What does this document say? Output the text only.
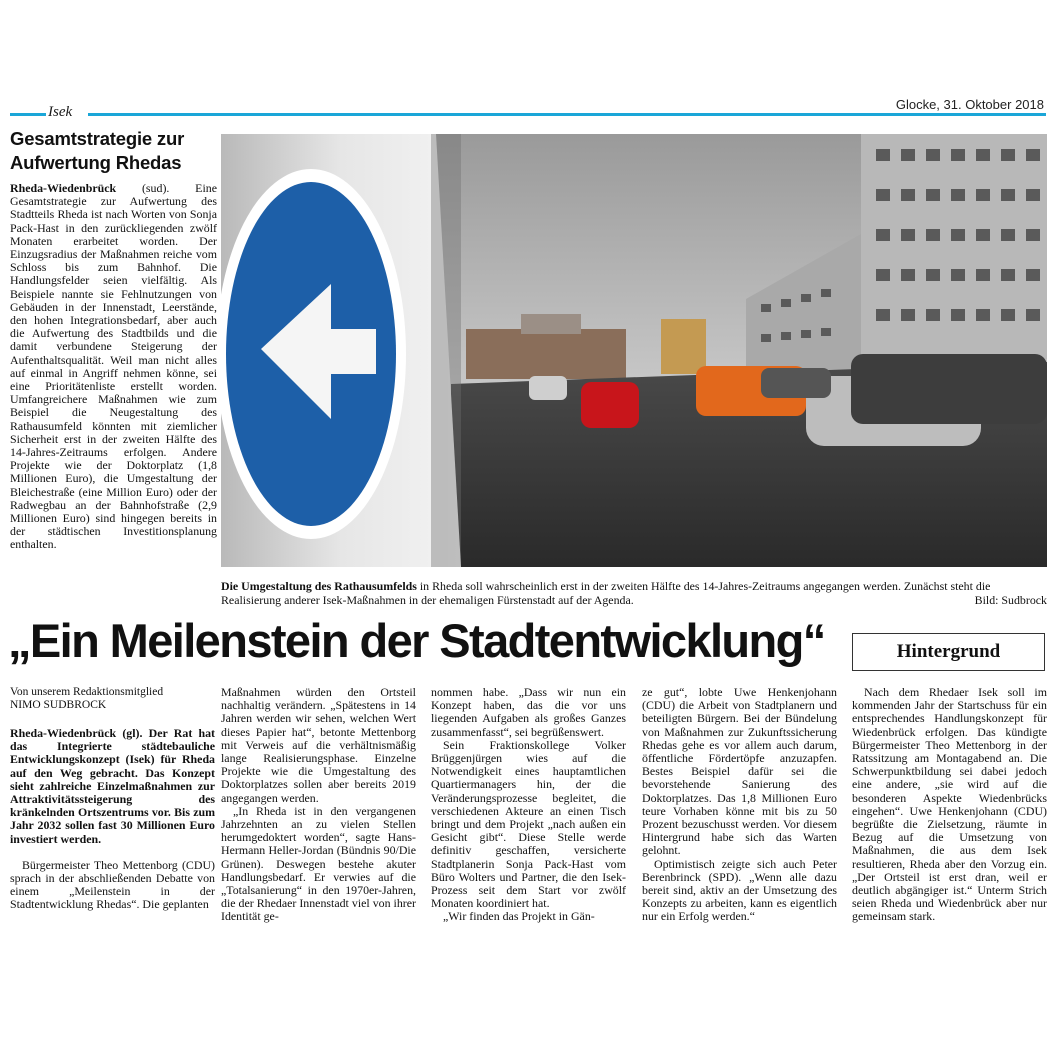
Isek	Glocke, 31. Oktober 2018
Gesamtstrategie zur Aufwertung Rhedas

Rheda-Wiedenbrück (sud). Eine Gesamtstrategie zur Aufwertung des Stadtteils Rheda ist nach Worten von Sonja Pack-Hast in den zurückliegenden zwölf Monaten erarbeitet worden. Der Einzugsradius der Maßnahmen reiche vom Schloss bis zum Bahnhof. Die Handlungsfelder seien vielfältig. Als Beispiele nannte sie Fehlnutzungen von Gebäuden in der Innenstadt, Leerstände, den hohen Integrationsbedarf, aber auch die Aufwertung des Stadtbilds und die damit verbundene Steigerung der Aufenthaltsqualität. Weil man nicht alles auf einmal in Angriff nehmen könne, sei eine Prioritätenliste erstellt worden. Umfangreichere Maßnahmen wie zum Beispiel die Neugestaltung des Rathausumfeld könnten mit ziemlicher Sicherheit erst in der zweiten Hälfte des 14-Jahres-Zeitraums erfolgen. Andere Projekte wie der Doktorplatz (1,8 Millionen Euro), die Umgestaltung der Bleichestraße (eine Million Euro) oder der Radwegbau an der Bahnhofstraße (2,9 Millionen Euro) sind hingegen bereits in der städtischen Investitionsplanung enthalten.

Die Umgestaltung des Rathausumfelds in Rheda soll wahrscheinlich erst in der zweiten Hälfte des 14-Jahres-Zeitraums angegangen werden. Zunächst steht die Realisierung anderer Isek-Maßnahmen in der ehemaligen Fürstenstadt auf der Agenda.	Bild: Sudbrock
„Ein Meilenstein der Stadtentwicklung“	Hintergrund
Von unserem Redaktionsmitglied
NIMO SUDBROCK

Rheda-Wiedenbrück (gl). Der Rat hat das Integrierte städtebauliche Entwicklungskonzept (Isek) für Rheda auf den Weg gebracht. Das Konzept sieht zahlreiche Einzelmaßnahmen zur Attraktivitätssteigerung des kränkelnden Ortszentrums vor. Bis zum Jahr 2032 sollen fast 30 Millionen Euro investiert werden.

Bürgermeister Theo Mettenborg (CDU) sprach in der abschließenden Debatte von einem „Meilenstein in der Stadtentwicklung Rhedas“. Die geplanten

Maßnahmen würden den Ortsteil nachhaltig verändern. „Spätestens in 14 Jahren werden wir sehen, welchen Wert dieses Papier hat“, betonte Mettenborg mit Verweis auf die verhältnismäßig lange Realisierungsphase. Einzelne Projekte wie die Umgestaltung des Doktorplatzes sollen aber bereits 2019 angegangen werden.

„In Rheda ist in den vergangenen Jahrzehnten an zu vielen Stellen herumgedoktert worden“, sagte Hans-Hermann Heller-Jordan (Bündnis 90/Die Grünen). Deswegen bestehe akuter Handlungsbedarf. Er verwies auf die „Totalsanierung“ in den 1970er-Jahren, die der Rhedaer Innenstadt viel von ihrer Identität ge-

nommen habe. „Dass wir nun ein Konzept haben, das die vor uns liegenden Aufgaben als großes Ganzes zusammenfasst“, sei begrüßenswert.

Sein Fraktionskollege Volker Brüggenjürgen wies auf die Notwendigkeit eines hauptamtlichen Quartiermanagers hin, der die Veränderungsprozesse begleitet, die verschiedenen Akteure an einen Tisch bringt und dem Projekt „nach außen ein Gesicht gibt“. Diese Stelle werde definitiv geschaffen, versicherte Stadtplanerin Sonja Pack-Hast vom Büro Wolters und Partner, die den Isek-Prozess seit dem Start vor zwölf Monaten koordiniert hat.

„Wir finden das Projekt in Gän-

ze gut“, lobte Uwe Henkenjohann (CDU) die Arbeit von Stadtplanern und beteiligten Bürgern. Bei der Bündelung von Maßnahmen zur Zukunftssicherung Rhedas gehe es vor allem auch darum, öffentliche Fördertöpfe anzuzapfen. Bestes Beispiel dafür sei die bevorstehende Sanierung des Doktorplatzes. Das 1,8 Millionen Euro teure Vorhaben könne mit bis zu 50 Prozent bezuschusst werden. Vor diesem Hintergrund habe sich das Warten gelohnt.

Optimistisch zeigte sich auch Peter Berenbrinck (SPD). „Wenn alle dazu bereit sind, aktiv an der Umsetzung des Konzepts zu arbeiten, kann es eigentlich nur ein Erfolg werden.“

Nach dem Rhedaer Isek soll im kommenden Jahr der Startschuss für ein entsprechendes Handlungskonzept für Wiedenbrück erfolgen. Das kündigte Bürgermeister Theo Mettenborg in der Ratssitzung am Montagabend an. Die Schwerpunktbildung sei dabei jedoch eine andere, „sie wird auf die besonderen Aspekte Wiedenbrücks eingehen“. Uwe Henkenjohann (CDU) begrüßte die Zielsetzung, räumte in Bezug auf die Umsetzung von Maßnahmen, die aus dem Isek resultieren, Rheda aber den Vorzug ein. „Der Ortsteil ist erst dran, weil er deutlich abgängiger ist.“ Unterm Strich seien Rheda und Wiedenbrück aber nur gemeinsam stark.
